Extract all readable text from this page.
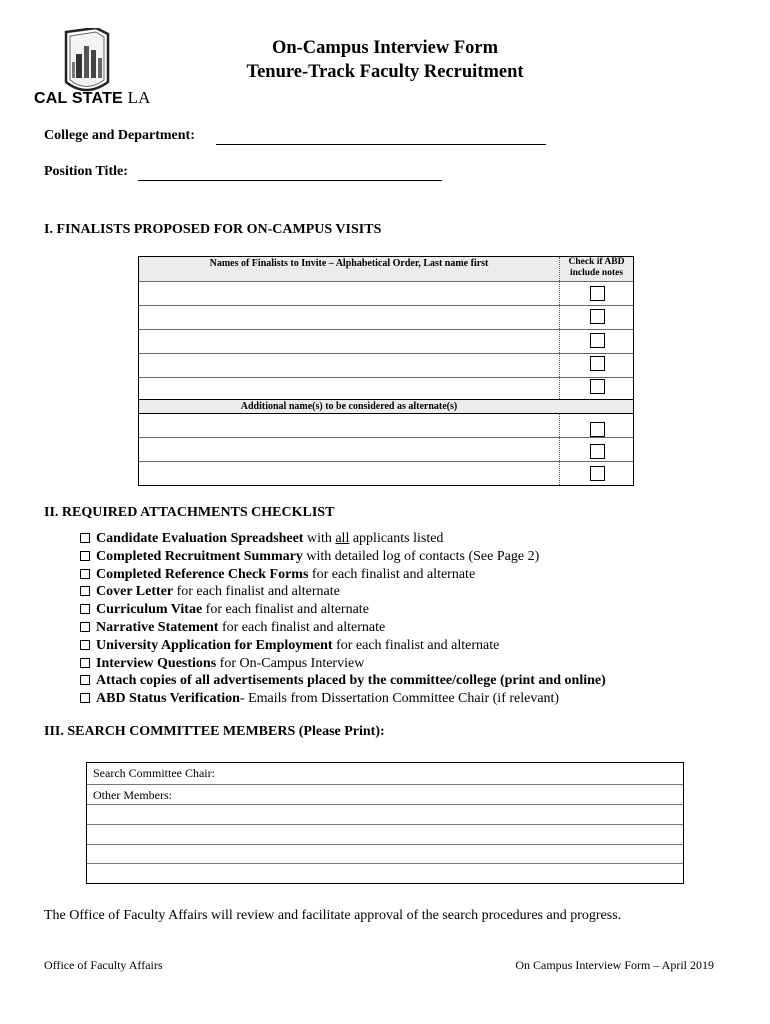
CAL STATE LA
On-Campus Interview Form
Tenure-Track Faculty Recruitment
College and Department:
Position Title:
I. FINALISTS PROPOSED FOR ON-CAMPUS VISITS
Names of Finalists to Invite – Alphabetical Order, Last name first	Check if ABD
include notes
Additional name(s) to be considered as alternate(s)
II. REQUIRED ATTACHMENTS CHECKLIST
Candidate Evaluation Spreadsheet with all applicants listed
Completed Recruitment Summary with detailed log of contacts (See Page 2)
Completed Reference Check Forms for each finalist and alternate
Cover Letter for each finalist and alternate
Curriculum Vitae for each finalist and alternate
Narrative Statement for each finalist and alternate
University Application for Employment for each finalist and alternate
Interview Questions for On-Campus Interview
Attach copies of all advertisements placed by the committee/college (print and online)
ABD Status Verification- Emails from Dissertation Committee Chair (if relevant)
III. SEARCH COMMITTEE MEMBERS (Please Print):
Search Committee Chair:
Other Members:
The Office of Faculty Affairs will review and facilitate approval of the search procedures and progress.
Office of Faculty Affairs	On Campus Interview Form – April 2019
